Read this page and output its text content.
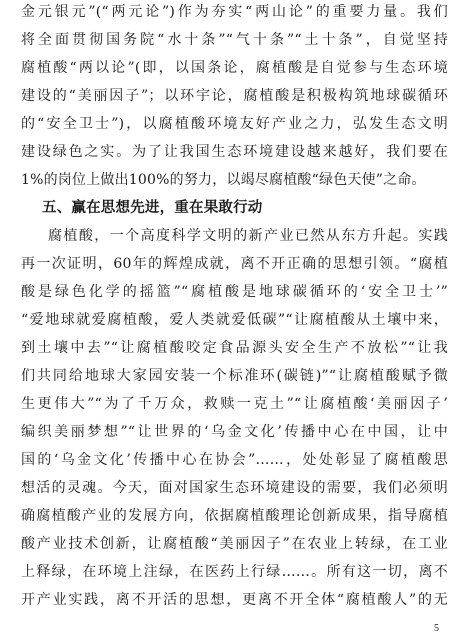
金元银元”(“两元论”)作为夯实“两山论”的重要力量。我们
将全面贯彻国务院“水十条”“气十条”“土十条”，自觉坚持
腐植酸“两以论”(即，以国条论，腐植酸是自觉参与生态环境
建设的“美丽因子”；以环宇论，腐植酸是积极构筑地球碳循环
的“安全卫士”)，以腐植酸环境友好产业之力，弘发生态文明
建设绿色之实。为了让我国生态环境建设越来越好，我们要在
1%的岗位上做出100%的努力，以竭尽腐植酸“绿色天使”之命。
五、赢在思想先进，重在果敢行动
腐植酸，一个高度科学文明的新产业已然从东方升起。实践
再一次证明，60年的辉煌成就，离不开正确的思想引领。“腐植
酸是绿色化学的摇篮”“腐植酸是地球碳循环的‘安全卫士’”
“爱地球就爱腐植酸，爱人类就爱低碳”“让腐植酸从土壤中来，
到土壤中去”“让腐植酸咬定食品源头安全生产不放松”“让我
们共同给地球大家园安装一个标准环(碳链)”“让腐植酸赋予微
生更伟大”“为了千万众，救赎一克土”“让腐植酸‘美丽因子’
编织美丽梦想”“让世界的‘乌金文化’传播中心在中国，让中
国的‘乌金文化’传播中心在协会”……，处处彰显了腐植酸思
想活的灵魂。今天，面对国家生态环境建设的需要，我们必须明
确腐植酸产业的发展方向，依据腐植酸理论创新成果，指导腐植
酸产业技术创新，让腐植酸“美丽因子”在农业上转绿，在工业
上释绿，在环境上注绿，在医药上行绿……。所有这一切，离不
开产业实践，离不开活的思想，更离不开全体“腐植酸人”的无
5
